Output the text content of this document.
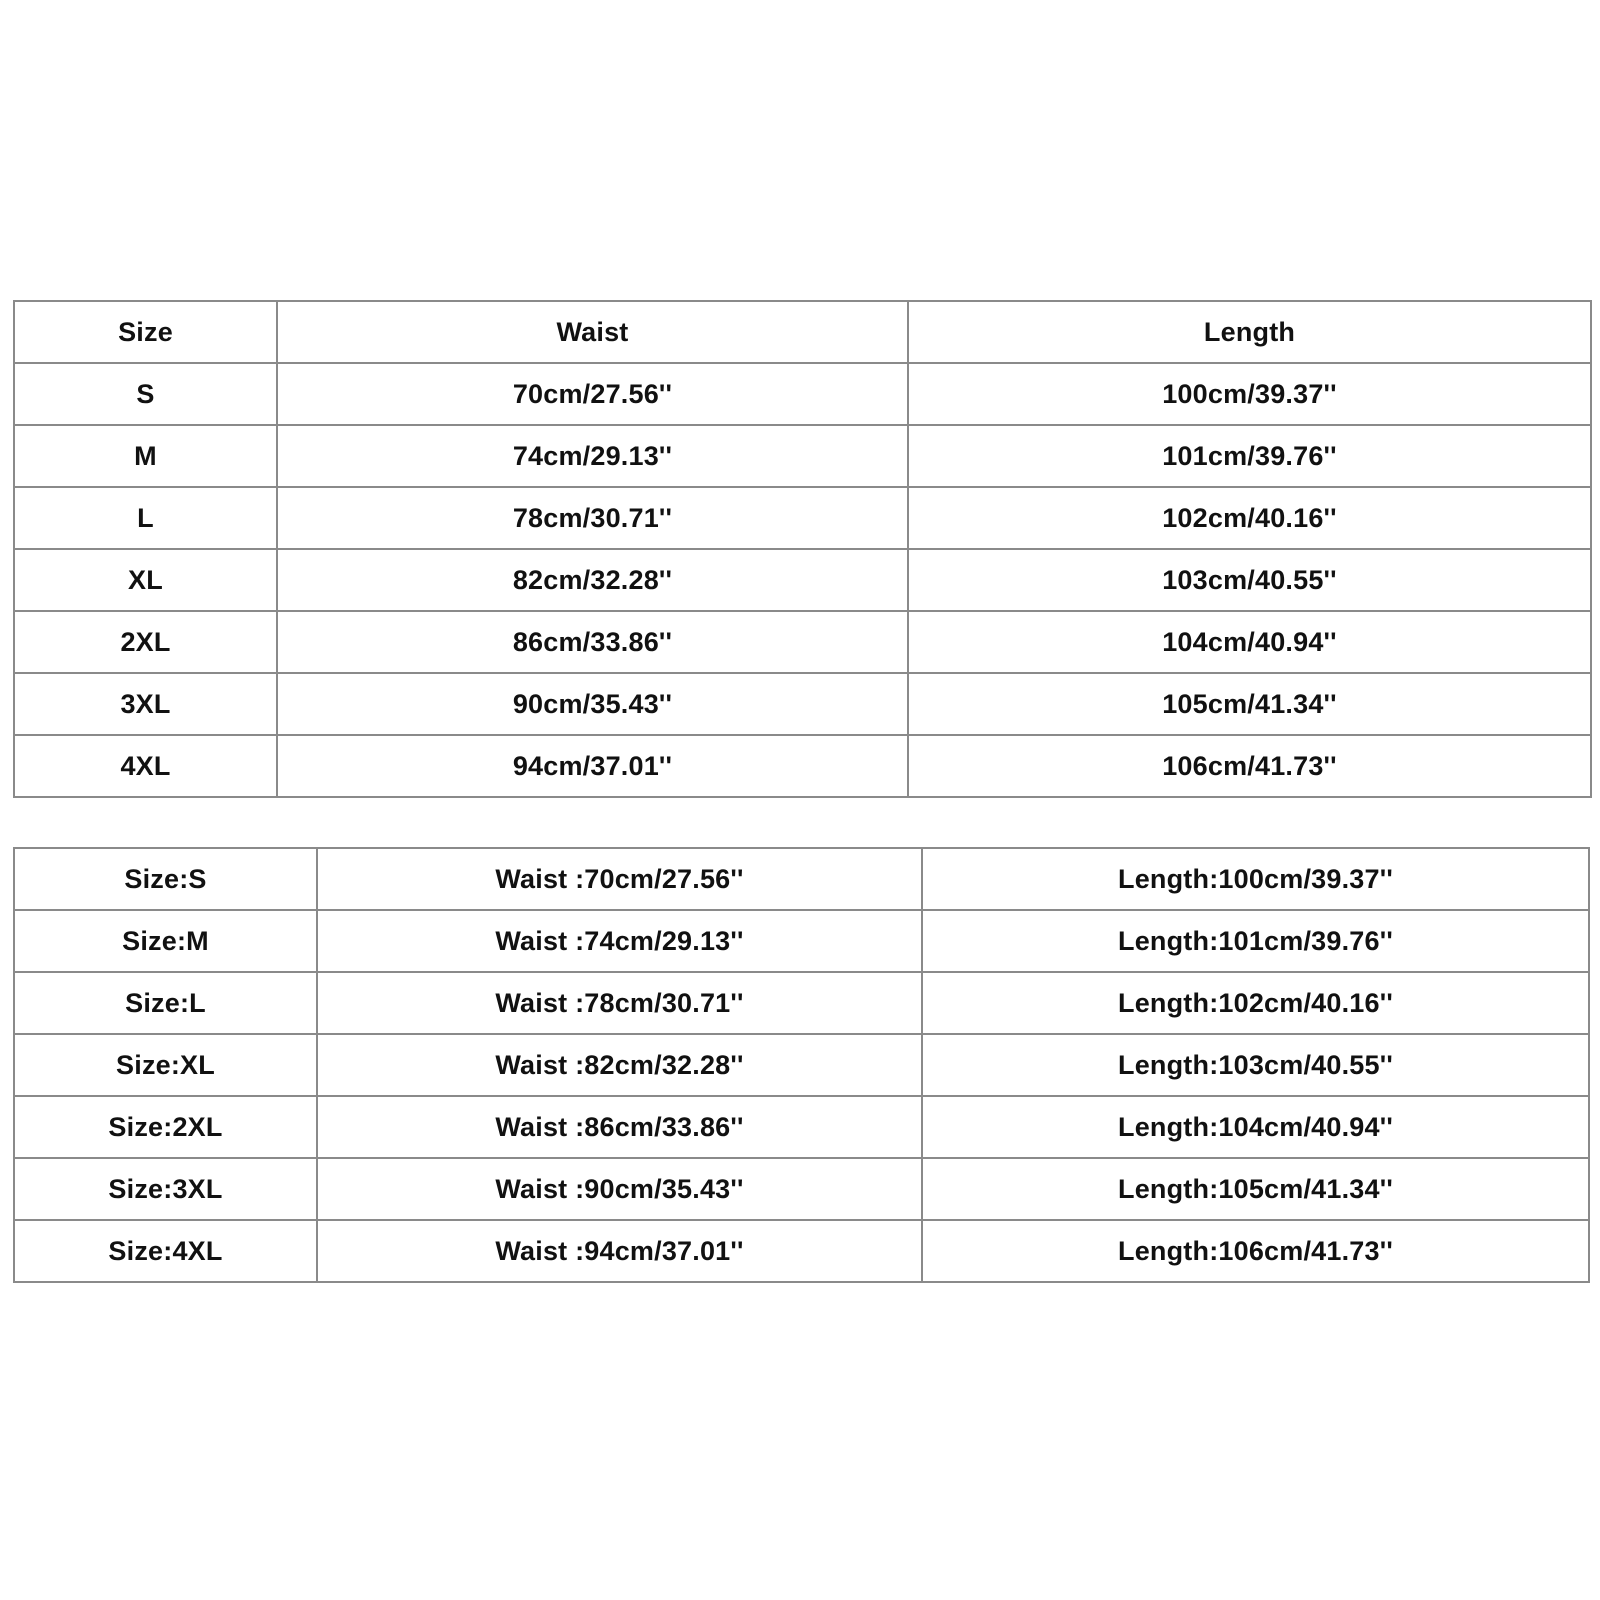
Size	Waist	Length
S	70cm/27.56''	100cm/39.37''
M	74cm/29.13''	101cm/39.76''
L	78cm/30.71''	102cm/40.16''
XL	82cm/32.28''	103cm/40.55''
2XL	86cm/33.86''	104cm/40.94''
3XL	90cm/35.43''	105cm/41.34''
4XL	94cm/37.01''	106cm/41.73''
Size:S	Waist :70cm/27.56''	Length:100cm/39.37''
Size:M	Waist :74cm/29.13''	Length:101cm/39.76''
Size:L	Waist :78cm/30.71''	Length:102cm/40.16''
Size:XL	Waist :82cm/32.28''	Length:103cm/40.55''
Size:2XL	Waist :86cm/33.86''	Length:104cm/40.94''
Size:3XL	Waist :90cm/35.43''	Length:105cm/41.34''
Size:4XL	Waist :94cm/37.01''	Length:106cm/41.73''
